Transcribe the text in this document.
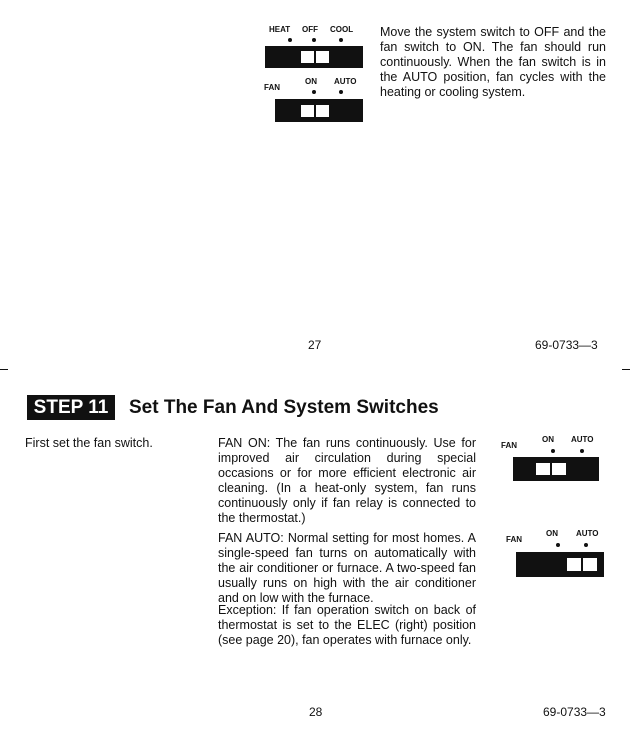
HEAT OFF COOL
FAN
ON AUTO

Move the system switch to OFF and the fan switch to ON. The fan should run continuously. When the fan switch is in the AUTO position, fan cycles with the heating or cooling system.

27	69-0733—3
STEP 11	Set The Fan And System Switches

First set the fan switch.	FAN ON: The fan runs continuously. Use for improved air circulation during special occasions or for more efficient electronic air cleaning. (In a heat-only system, fan runs continuously only if fan relay is connected to the thermostat.)

FAN AUTO: Normal setting for most homes. A single-speed fan turns on automatically with the air conditioner or furnace. A two-speed fan usually runs on high with the air conditioner and on low with the furnace.

Exception: If fan operation switch on back of thermostat is set to the ELEC (right) position (see page 20), fan operates with furnace only.

FAN
ON AUTO
FAN
ON AUTO
28	69-0733—3
